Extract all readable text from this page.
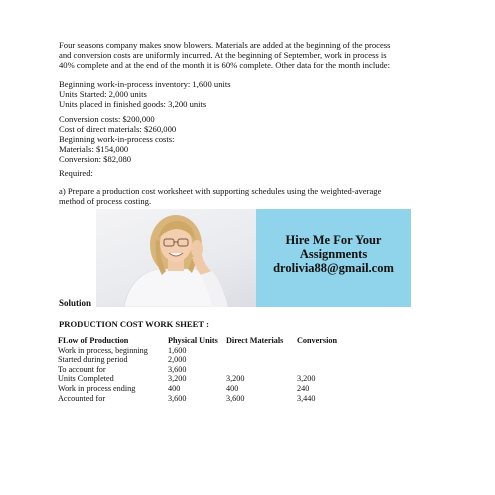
Four seasons company makes snow blowers. Materials are added at the beginning of the process
and conversion costs are uniformly incurred. At the beginning of September, work in process is
40% complete and at the end of the month it is 60% complete. Other data for the month include:

Beginning work-in-process inventory: 1,600 units
Units Started: 2,000 units
Units placed in finished goods: 3,200 units

Conversion costs: $200,000
Cost of direct materials: $260,000
Beginning work-in-process costs:
Materials: $154,000
Conversion: $82,080

Required:

a) Prepare a production cost worksheet with supporting schedules using the weighted-average
method of process costing.

Hire Me For Your
Assignments
drolivia88@gmail.com
Solution
PRODUCTION COST WORK SHEET :
FLow of Production	Physical Units	Direct Materials	Conversion
Work in process, beginning	1,600		
Started during period	2,000		
To account for	3,600		
Units Completed	3,200	3,200	3,200
Work in process ending	400	400	240
Accounted for	3,600	3,600	3,440
